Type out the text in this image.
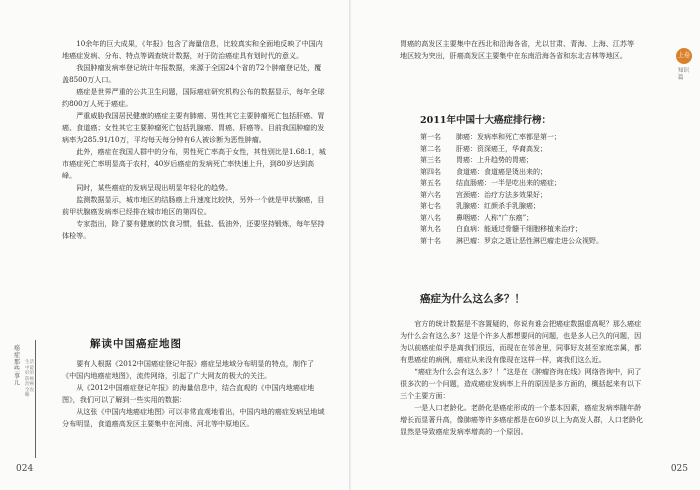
10余年的巨大成果，《年报》包含了海量信息，比较真实和全面地反映了中国内地癌症发病、分布、特点等调查统计数据，对于防治癌症具有划时代的意义。

我国肿瘤发病率登记统计年报数据，来源于全国24个省的72个肿瘤登记处，覆盖8500万人口。

癌症是世界严重的公共卫生问题，国际癌症研究机构公布的数据显示，每年全球约800万人死于癌症。

严重威胁我国居民健康的癌症主要有肺癌、男性其它主要肿瘤死亡包括肝癌、胃癌、食道癌；女性其它主要肿瘤死亡包括乳腺癌、胃癌、肝癌等。目前我国肿瘤的发病率为285.91/10万，平均每天每分钟有6人被诊断为恶性肿瘤。

此外，癌症在我国人群中的分布，男性死亡率高于女性，其性别比是1.68:1，城市癌症死亡率明显高于农村，40岁后癌症的发病死亡率快速上升，到80岁达到高峰。

同时，某些癌症的发病呈现出明显年轻化的趋势。

监测数据显示，城市地区的结肠癌上升速度比较快，另外一个就是甲状腺癌，目前甲状腺癌发病率已经排在城市地区的第四位。

专家指出，除了要有健康的饮食习惯，低盐、低油外，还要坚持锻炼，每年坚持体检等。

解读中国癌症地图

要有人根据《2012中国癌症登记年报》癌症呈地域分布明显的特点，制作了《中国内地癌症地图》，流传网络，引起了广大网友的极大的关注。

从《2012中国癌症登记年报》的海量信息中，结合直观的《中国内地癌症地图》，我们可以了解到一些实用的数据：

从这张《中国内地癌症地图》可以非常直观地看出，中国内地的癌症发病呈地域分布明显，食道癌高发区主要集中在河南、河北等中原地区。

癌症那些事儿
生活中最好的防癌治癌全攻略
024

胃癌的高发区主要集中在西北和沿海各省，尤以甘肃、青海、上海、江苏等地区较为突出，肝癌高发区主要集中在东南沿海各省和东北吉林等地区。

2011年中国十大癌症排行榜：
第一名 肺癌：发病率和死亡率都是第一；
第二名 肝癌：资深癌王，华裔高发；
第三名 胃癌：上升趋势的胃癌；
第四名 食道癌：食道癌是烫出来的；
第五名 结直肠癌：一半是吃出来的癌症；
第六名 宫颈癌：治疗方法多效果好；
第七名 乳腺癌：红颜杀手乳腺癌；
第八名 鼻咽癌：人称“广东癌”；
第九名 白血病：能通过骨髓干细胞移植来治疗；
第十名 淋巴瘤：罗京之逝让恶性淋巴瘤走进公众视野。
癌症为什么这么多？！

官方的统计数据是不容置疑的，你说有谁会把癌症数据虚高呢？那么癌症为什么会有这么多？这是个许多人都想要问的问题，也是多人已久的问题，因为以前癌症似乎是离我们很远，而现在在邻舍里，同事好友甚至家庭亲属，都有患癌症的病例，癌症从来没有像现在这样一样，离我们这么近。

“癌症为什么会有这么多？！”这是在《肿瘤咨询在线》网络咨询中，问了很多次的一个问题，造成癌症发病率上升的原因是多方面的，概括起来有以下三个主要方面：

一是人口老龄化。老龄化是癌症形成的一个基本因素，癌症发病率随年龄增长而显著升高，像肺癌等许多癌症都是在60岁以上为高发人群，人口老龄化显然是导致癌症发病率增高的一个原因。

上卷
知识篇
025
